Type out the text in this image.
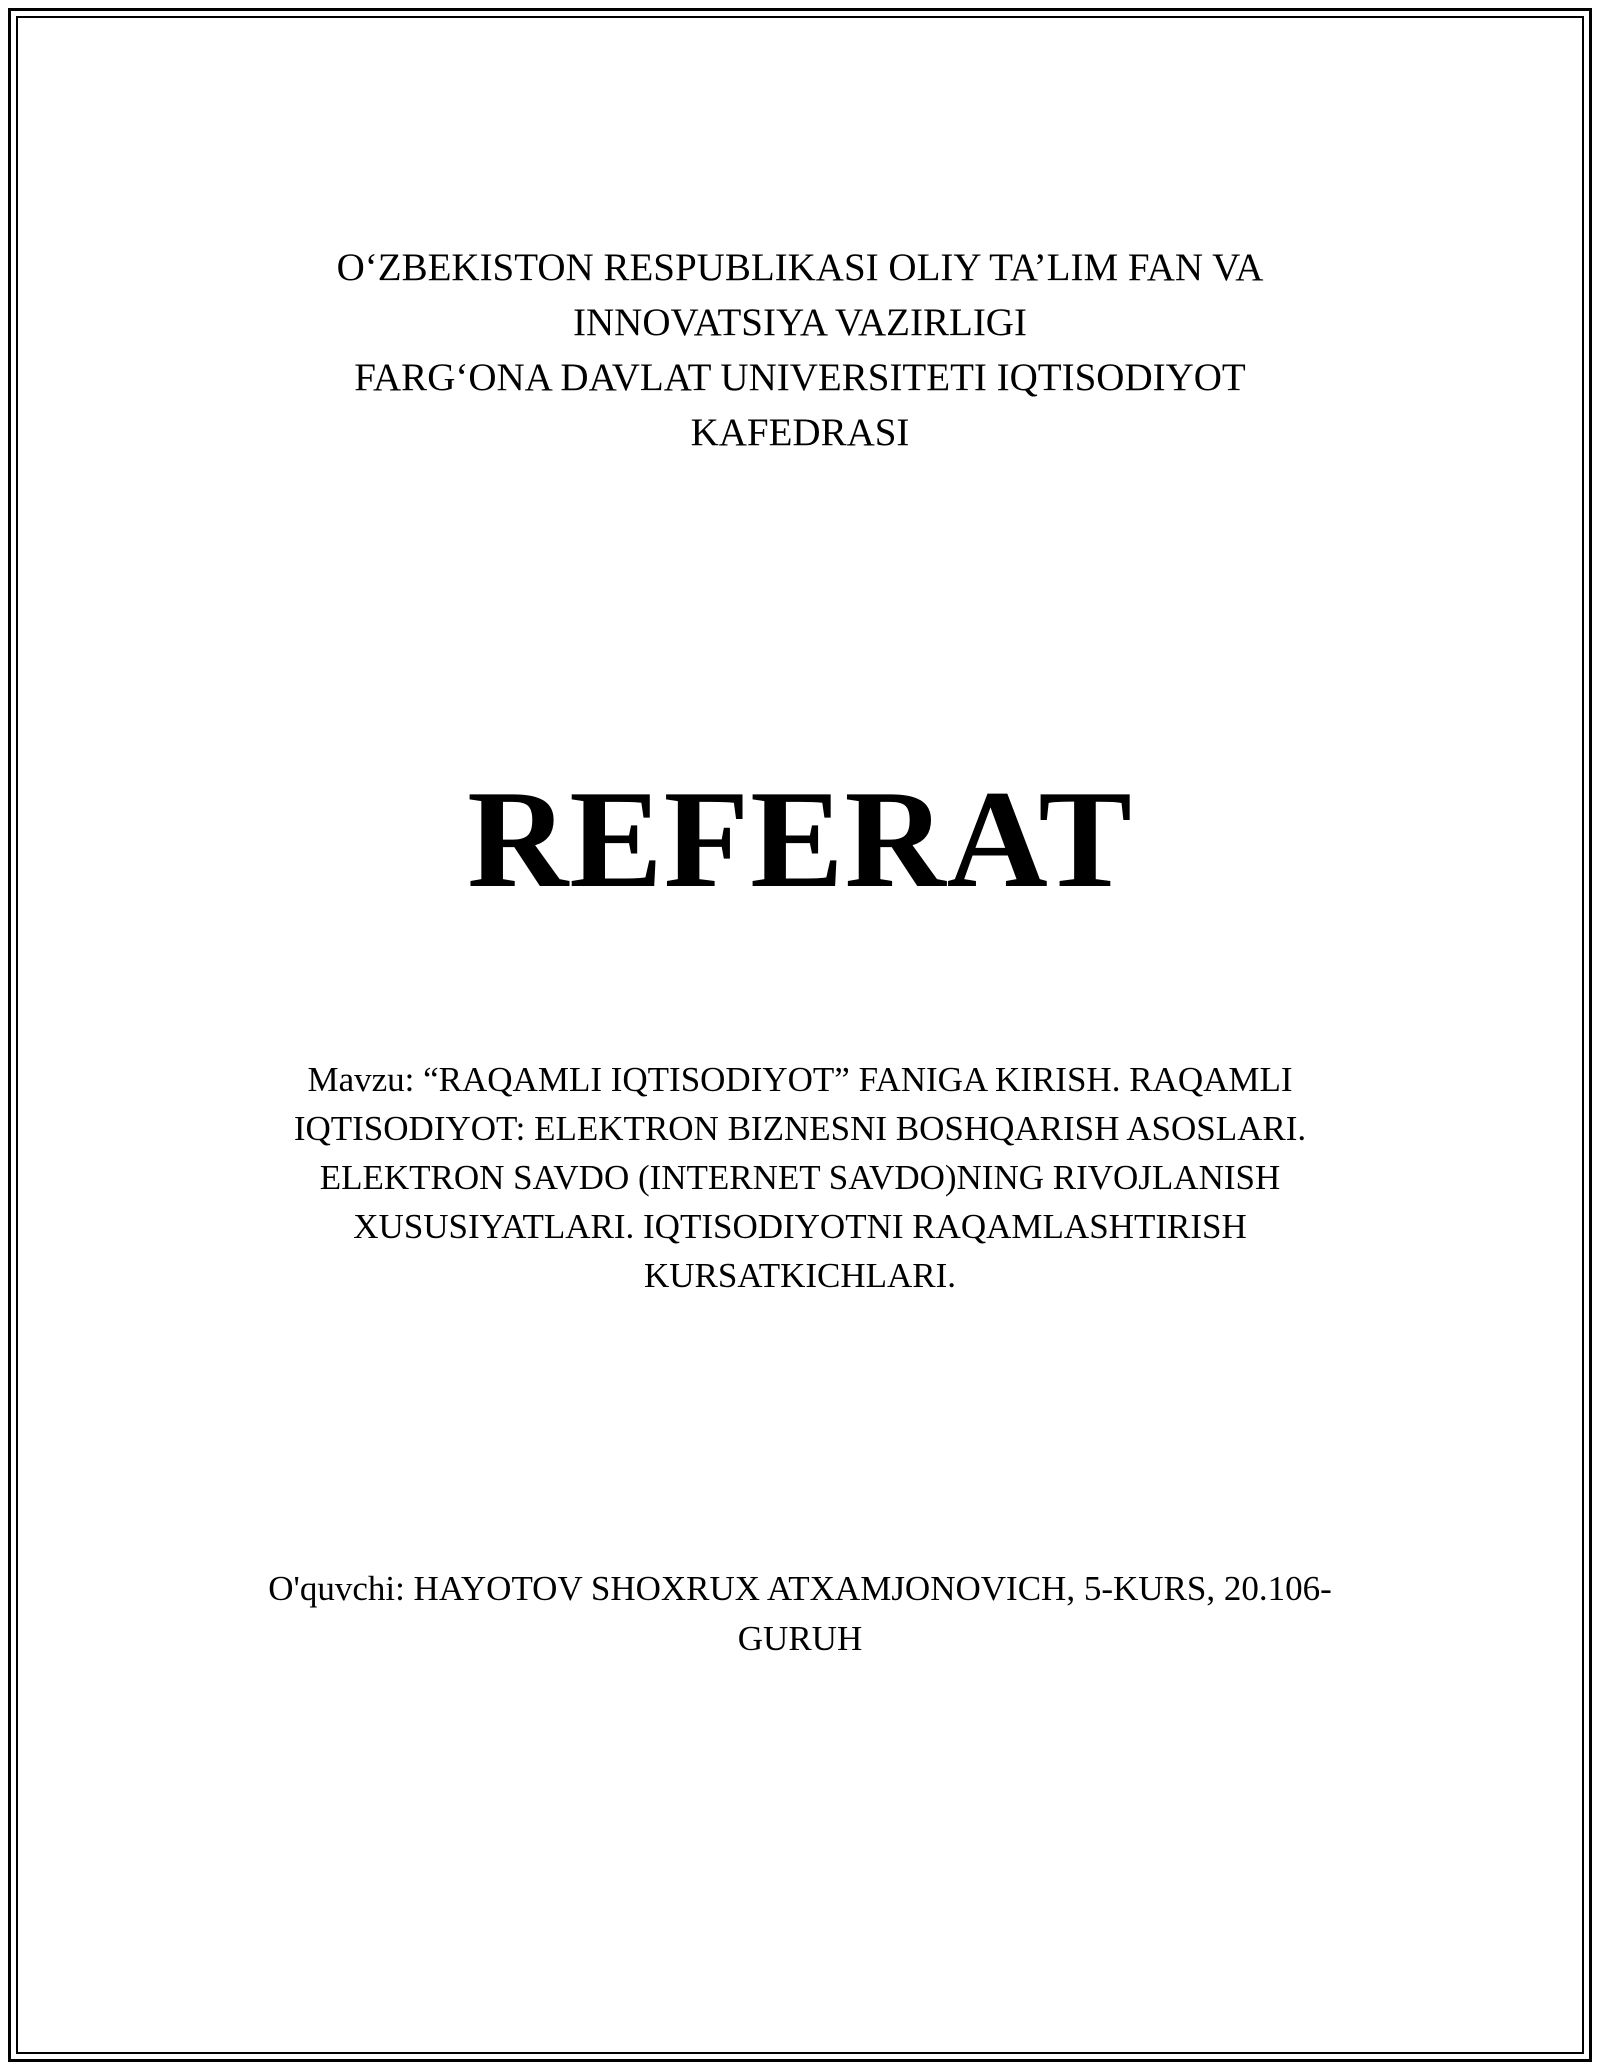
O‘ZBEKISTON RESPUBLIKASI OLIY TA’LIM FAN VA
INNOVATSIYA VAZIRLIGI
FARG‘ONA DAVLAT UNIVERSITETI IQTISODIYOT
KAFEDRASI
REFERAT
Mavzu: “RAQAMLI IQTISODIYOT” FANIGA KIRISH. RAQAMLI
IQTISODIYOT: ELEKTRON BIZNESNI BOSHQARISH ASOSLARI.
ELEKTRON SAVDO (INTERNET SAVDO)NING RIVOJLANISH
XUSUSIYATLARI. IQTISODIYOTNI RAQAMLASHTIRISH
KURSATKICHLARI.
O'quvchi: HAYOTOV SHOXRUX ATXAMJONOVICH, 5-KURS, 20.106-
GURUH
